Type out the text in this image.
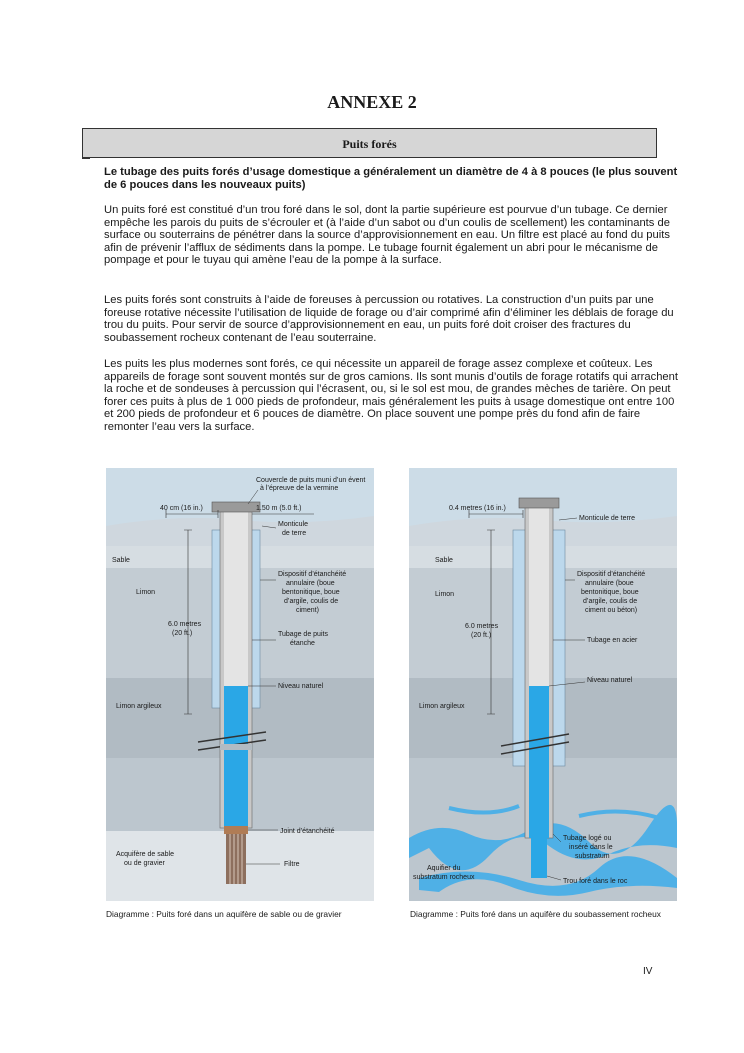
ANNEXE 2
Puits forés
Le tubage des puits forés d’usage domestique a généralement un diamètre de 4 à 8 pouces (le plus souvent de 6 pouces dans les nouveaux puits)
Un puits foré est constitué d’un trou foré dans le sol, dont la partie supérieure est pourvue d’un tubage. Ce dernier empêche les parois du puits de s’écrouler et (à l’aide d’un sabot ou d’un coulis de scellement) les contaminants de surface ou souterrains de pénétrer dans la source d’approvisionnement en eau. Un filtre est placé au fond du puits afin de prévenir l’afflux de sédiments dans la pompe. Le tubage fournit également un abri pour le mécanisme de pompage et pour le tuyau qui amène l’eau de la pompe à la surface.
Les puits forés sont construits à l’aide de foreuses à percussion ou rotatives. La construction d’un puits par une foreuse rotative nécessite l’utilisation de liquide de forage ou d’air comprimé afin d’éliminer les déblais de forage du trou du puits. Pour servir de source d’approvisionnement en eau, un puits foré doit croiser des fractures du soubassement rocheux contenant de l’eau souterraine.
Les puits les plus modernes sont forés, ce qui nécessite un appareil de forage assez complexe et coûteux. Les appareils de forage sont souvent montés sur de gros camions. Ils sont munis d’outils de forage rotatifs qui arrachent la roche et de sondeuses à percussion qui l’écrasent, ou, si le sol est mou, de grandes mèches de tarière. On peut forer ces puits à plus de 1 000 pieds de profondeur, mais généralement les puits à usage domestique ont entre 100 et 200 pieds de profondeur et 6 pouces de diamètre. On place souvent une pompe près du fond afin de faire remonter l’eau vers la surface.
Couvercle de puits muni d’un évent
à l’épreuve de la vermine
40 cm (16 in.)	1.50 m (5.0 ft.)
Monticule
de terre
Sable
Limon
Dispositif d’étanchéité
annulaire (boue
bentonitique, boue
d’argile, coulis de
ciment)
6.0 metres
(20 ft.)	Tubage de puits
étanche
Niveau naturel
Limon argileux
Joint d’étanchéité
Acquifère de sable
ou de gravier	Filtre
0.4 metres (16 in.)
Monticule de terre
Sable
Limon
Dispositif d’étanchéité
annulaire (boue
bentonitique, boue
d’argile, coulis de
ciment ou béton)
6.0 metres
(20 ft.)
Tubage en acier
Niveau naturel
Limon argileux
Tubage logé ou
inséré dans le
substratum
Aquifier du
substratum rocheux
Trou foré dans le roc
Diagramme : Puits foré dans un aquifère de sable ou de gravier	Diagramme : Puits foré dans un aquifère du soubassement rocheux
IV
